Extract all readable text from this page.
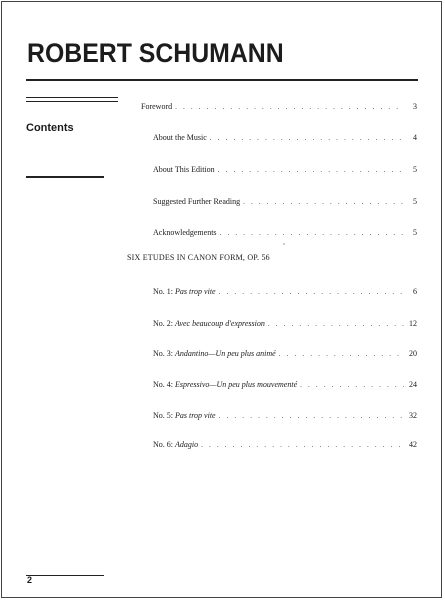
ROBERT SCHUMANN
Contents
Foreword . . .	3
About the Music . . .	4
About This Edition . . .	5
Suggested Further Reading . . .	5
Acknowledgements . . .	5
SIX ETUDES IN CANON FORM, OP. 56
No. 1: Pas trop vite . . .	6
No. 2: Avec beaucoup d'expression . . .	12
No. 3: Andantino—Un peu plus animé . . .	20
No. 4: Espressivo—Un peu plus mouvementé . . .	24
No. 5: Pas trop vite . . .	32
No. 6: Adagio . . .	42
2
